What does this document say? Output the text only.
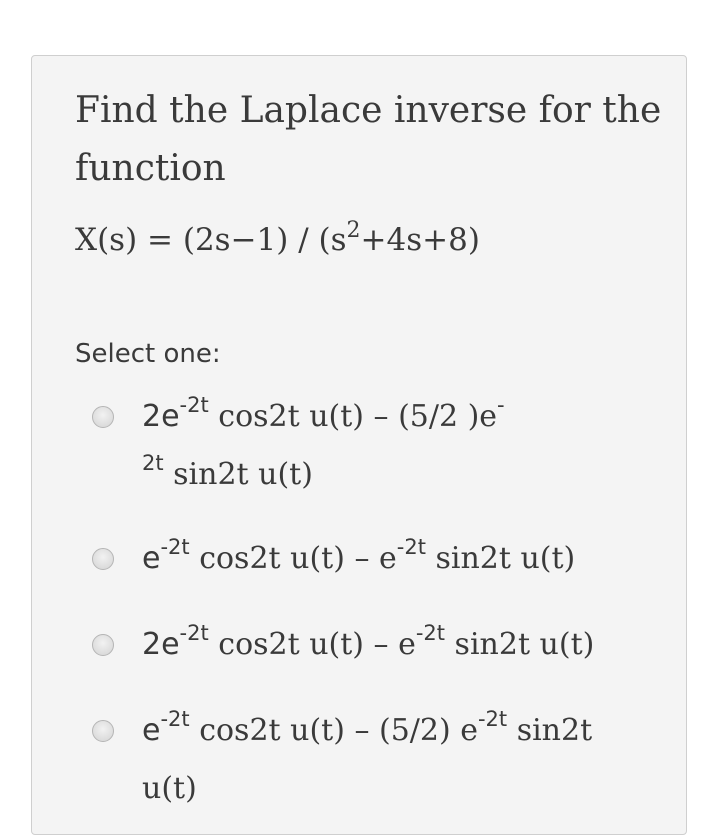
Find the Laplace inverse for the function

$X(s) = (2s-1) / (s^2+4s+8)$
Select one:
$2e^{-2t}$ cos2t u(t) – (5/2 )e-
$^{2t}$ sin2t u(t)
$e^{-2t}$ cos2t $u(t) - e^{-2t}$ sin2t u(t)
$2e^{-2t}$ cos2t $u(t) - e^{-2t}$ sin2t u(t)
$e^{-2t}$ cos2t u(t) – (5/2) $e^{-2t}$ sin2t
u(t)
